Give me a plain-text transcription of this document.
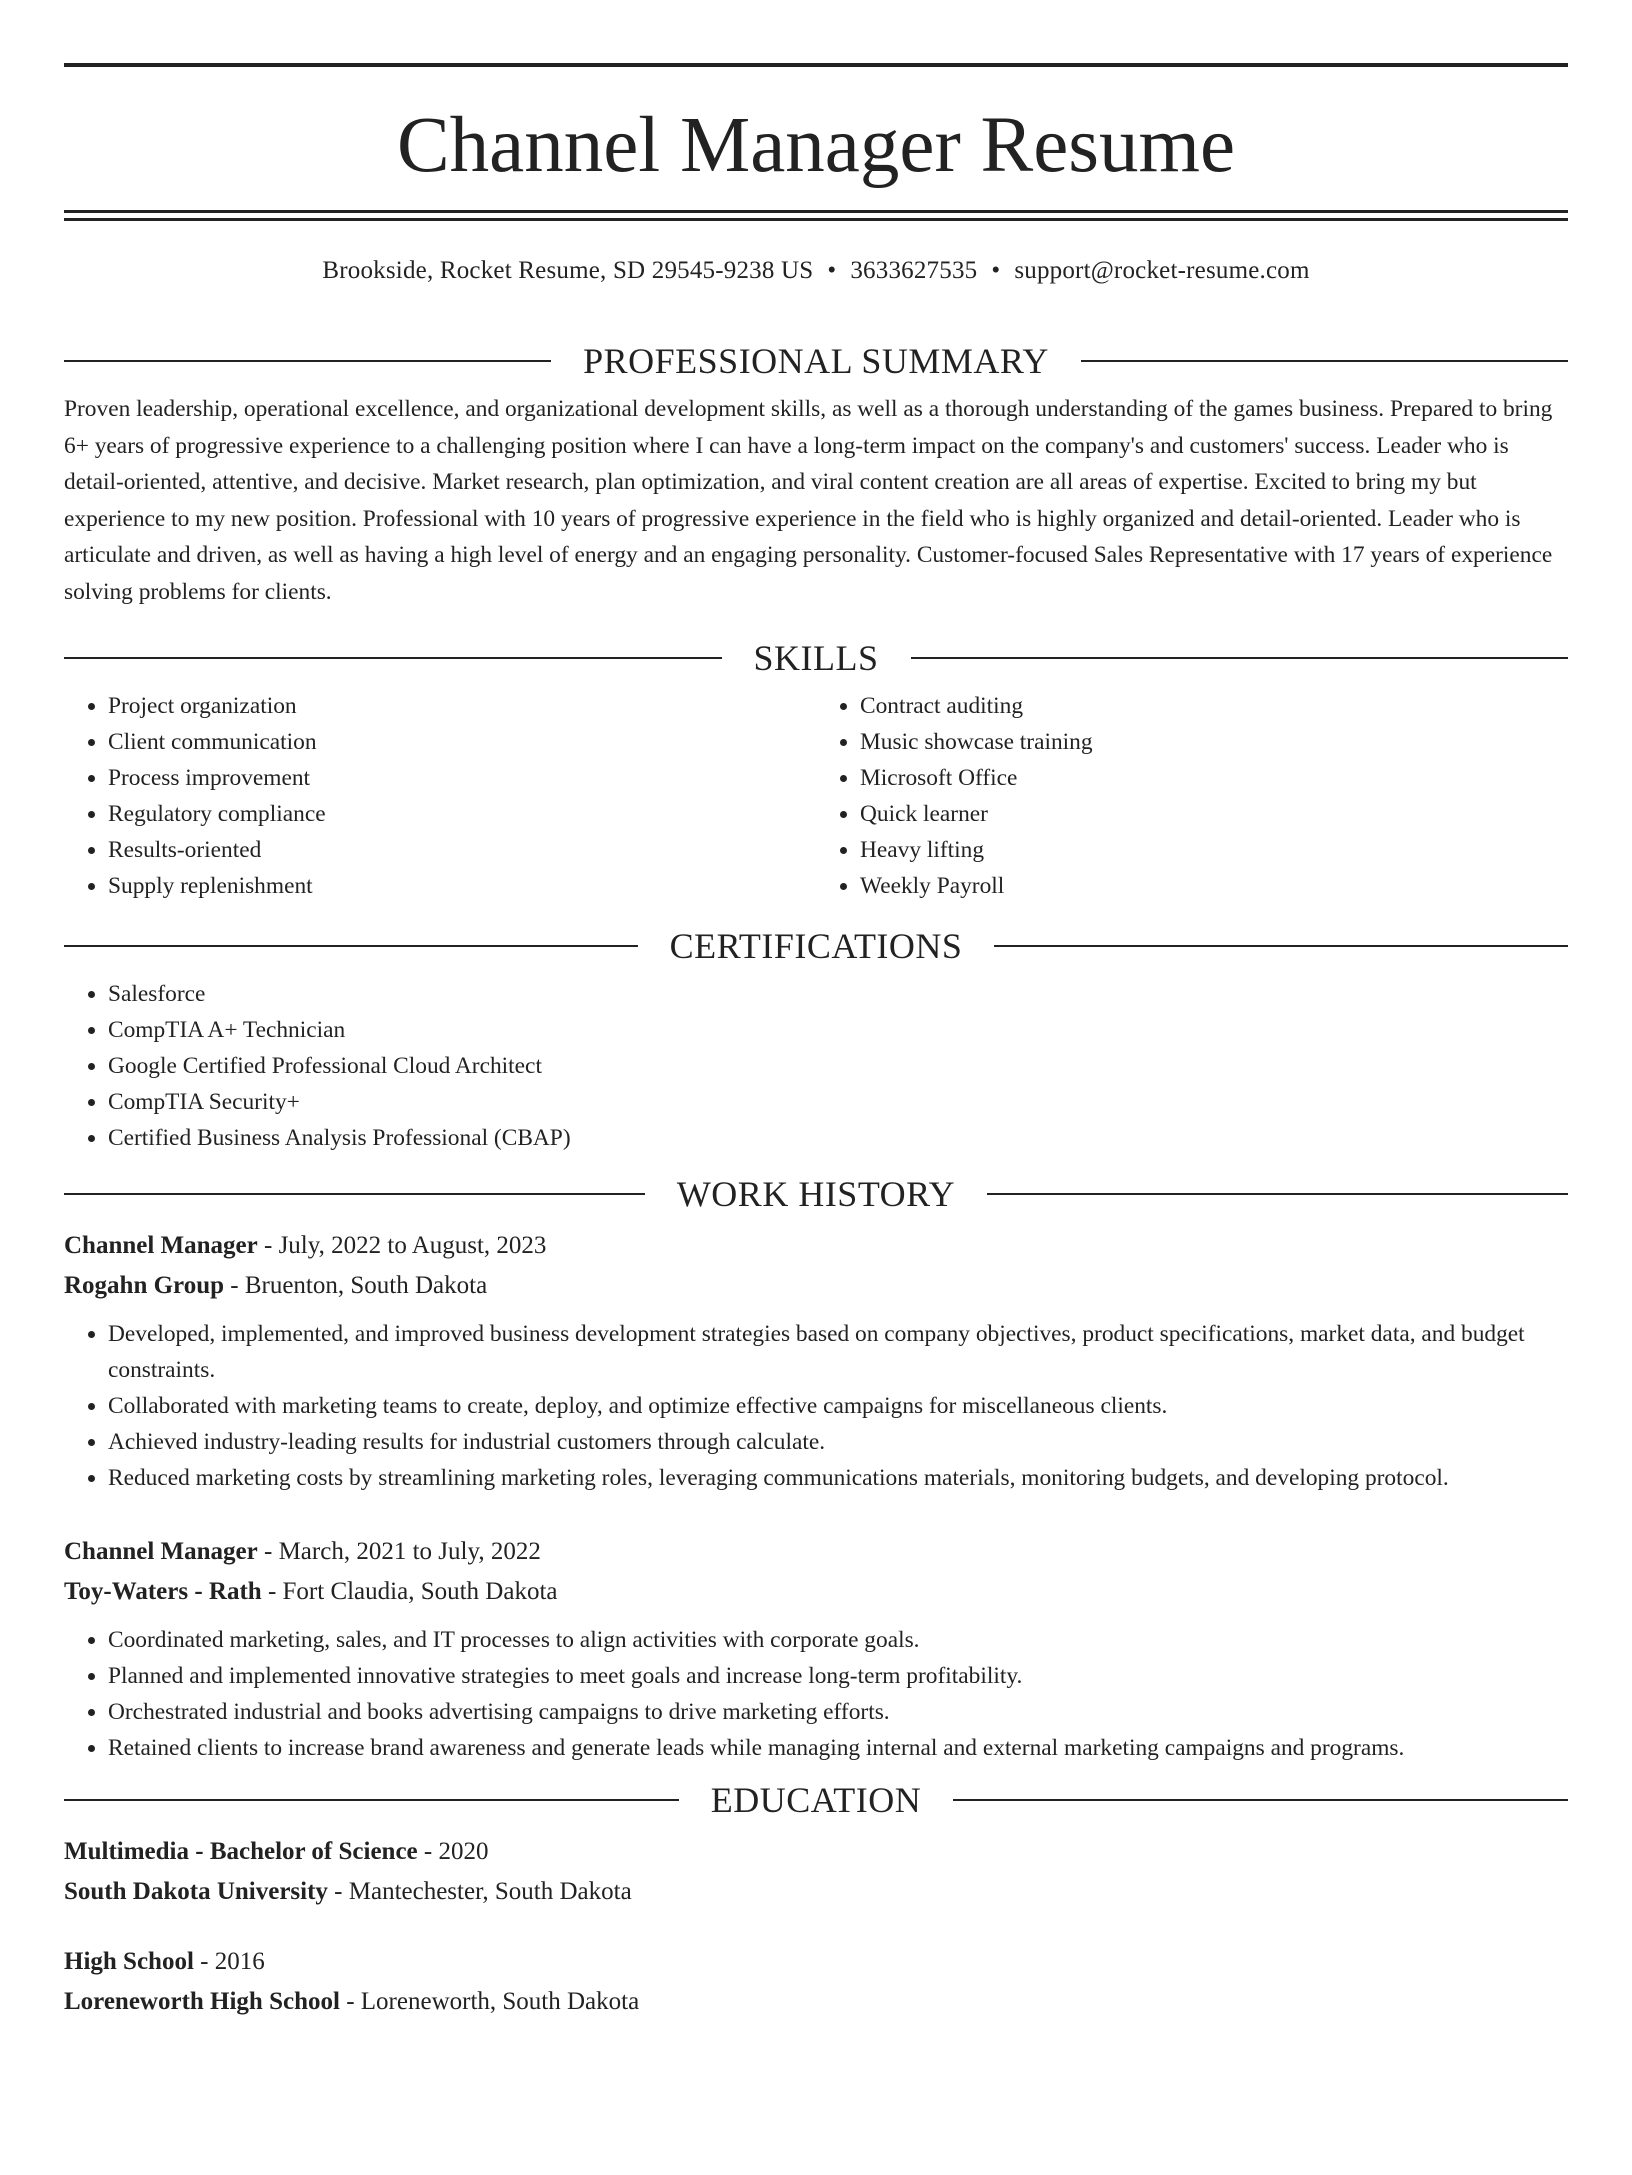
Channel Manager Resume
Brookside, Rocket Resume, SD 29545-9238 US • 3633627535 • support@rocket-resume.com
PROFESSIONAL SUMMARY

Proven leadership, operational excellence, and organizational development skills, as well as a thorough understanding of the games business. Prepared to bring 6+ years of progressive experience to a challenging position where I can have a long-term impact on the company's and customers' success. Leader who is detail-oriented, attentive, and decisive. Market research, plan optimization, and viral content creation are all areas of expertise. Excited to bring my but experience to my new position. Professional with 10 years of progressive experience in the field who is highly organized and detail-oriented. Leader who is articulate and driven, as well as having a high level of energy and an engaging personality. Customer-focused Sales Representative with 17 years of experience solving problems for clients.

SKILLS
• Project organization
• Client communication
• Process improvement
• Regulatory compliance
• Results-oriented
• Supply replenishment
• Contract auditing
• Music showcase training
• Microsoft Office
• Quick learner
• Heavy lifting
• Weekly Payroll
CERTIFICATIONS
• Salesforce
• CompTIA A+ Technician
• Google Certified Professional Cloud Architect
• CompTIA Security+
• Certified Business Analysis Professional (CBAP)
WORK HISTORY
Channel Manager - July, 2022 to August, 2023
Rogahn Group - Bruenton, South Dakota
• Developed, implemented, and improved business development strategies based on company objectives, product specifications, market data, and budget constraints.
• Collaborated with marketing teams to create, deploy, and optimize effective campaigns for miscellaneous clients.
• Achieved industry-leading results for industrial customers through calculate.
• Reduced marketing costs by streamlining marketing roles, leveraging communications materials, monitoring budgets, and developing protocol.
Channel Manager - March, 2021 to July, 2022
Toy-Waters - Rath - Fort Claudia, South Dakota
• Coordinated marketing, sales, and IT processes to align activities with corporate goals.
• Planned and implemented innovative strategies to meet goals and increase long-term profitability.
• Orchestrated industrial and books advertising campaigns to drive marketing efforts.
• Retained clients to increase brand awareness and generate leads while managing internal and external marketing campaigns and programs.
EDUCATION
Multimedia - Bachelor of Science - 2020
South Dakota University - Mantechester, South Dakota
High School - 2016
Loreneworth High School - Loreneworth, South Dakota
